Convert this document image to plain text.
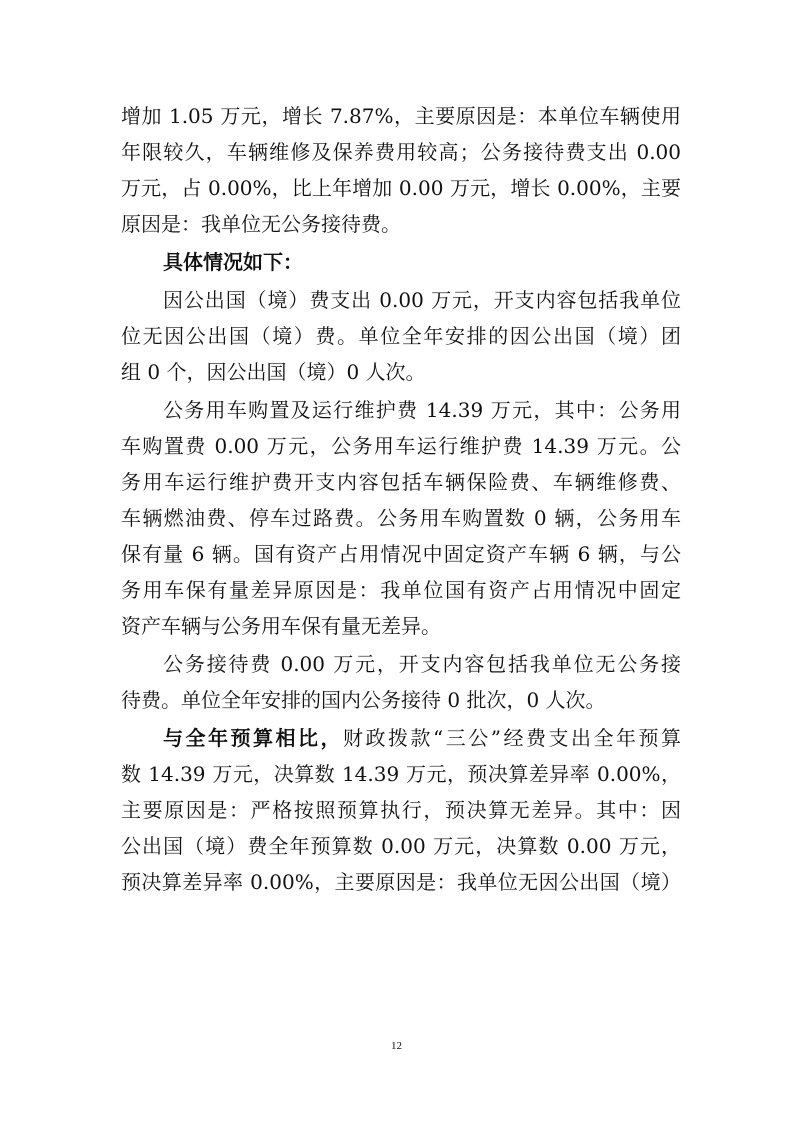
增加 1.05 万元，增长 7.87%，主要原因是：本单位车辆使用
年限较久，车辆维修及保养费用较高；公务接待费支出 0.00
万元，占 0.00%，比上年增加 0.00 万元，增长 0.00%，主要
原因是：我单位无公务接待费。
具体情况如下：
因公出国（境）费支出 0.00 万元，开支内容包括我单位
位无因公出国（境）费。单位全年安排的因公出国（境）团
组 0 个，因公出国（境）0 人次。
公务用车购置及运行维护费 14.39 万元，其中：公务用
车购置费 0.00 万元，公务用车运行维护费 14.39 万元。公
务用车运行维护费开支内容包括车辆保险费、车辆维修费、
车辆燃油费、停车过路费。公务用车购置数 0 辆，公务用车
保有量 6 辆。国有资产占用情况中固定资产车辆 6 辆，与公
务用车保有量差异原因是：我单位国有资产占用情况中固定
资产车辆与公务用车保有量无差异。
公务接待费 0.00 万元，开支内容包括我单位无公务接
待费。单位全年安排的国内公务接待 0 批次，0 人次。
与全年预算相比，财政拨款“三公”经费支出全年预算
数 14.39 万元，决算数 14.39 万元，预决算差异率 0.00%，
主要原因是：严格按照预算执行，预决算无差异。其中：因
公出国（境）费全年预算数 0.00 万元，决算数 0.00 万元，
预决算差异率 0.00%，主要原因是：我单位无因公出国（境）
12
